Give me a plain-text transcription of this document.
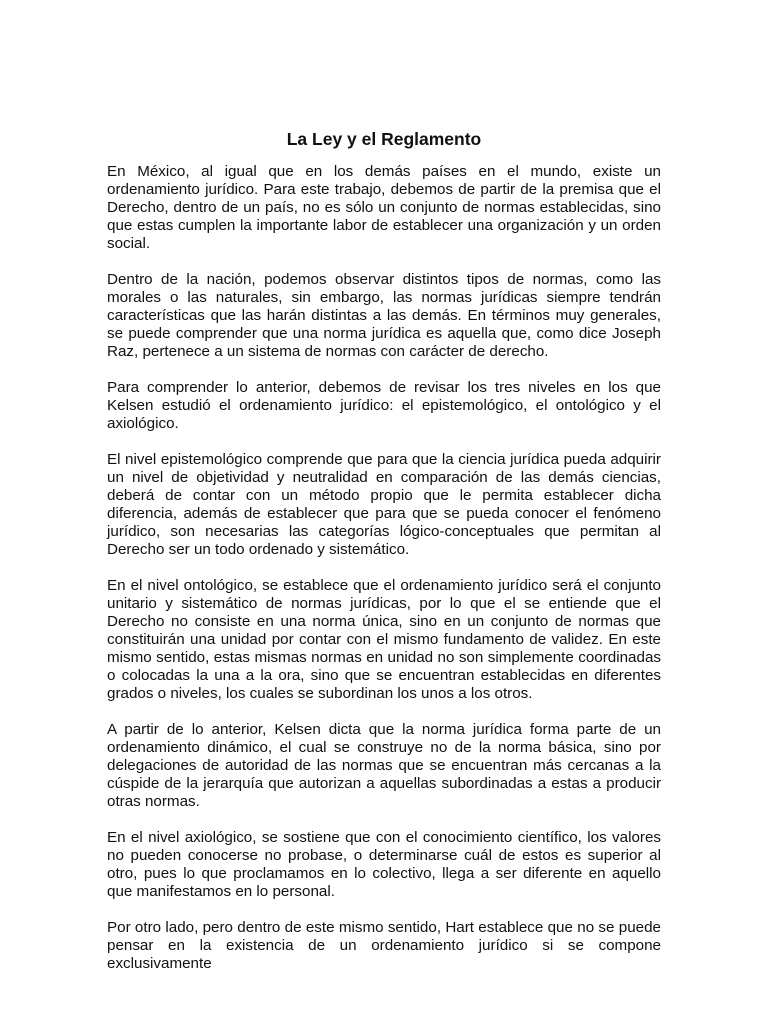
La Ley y el Reglamento

En México, al igual que en los demás países en el mundo, existe un ordenamiento jurídico. Para este trabajo, debemos de partir de la premisa que el Derecho, dentro de un país, no es sólo un conjunto de normas establecidas, sino que estas cumplen la importante labor de establecer una organización y un orden social.

Dentro de la nación, podemos observar distintos tipos de normas, como las morales o las naturales, sin embargo, las normas jurídicas siempre tendrán características que las harán distintas a las demás. En términos muy generales, se puede comprender que una norma jurídica es aquella que, como dice Joseph Raz, pertenece a un sistema de normas con carácter de derecho.

Para comprender lo anterior, debemos de revisar los tres niveles en los que Kelsen estudió el ordenamiento jurídico: el epistemológico, el ontológico y el axiológico.

El nivel epistemológico comprende que para que la ciencia jurídica pueda adquirir un nivel de objetividad y neutralidad en comparación de las demás ciencias, deberá de contar con un método propio que le permita establecer dicha diferencia, además de establecer que para que se pueda conocer el fenómeno jurídico, son necesarias las categorías lógico-conceptuales que permitan al Derecho ser un todo ordenado y sistemático.

En el nivel ontológico, se establece que el ordenamiento jurídico será el conjunto unitario y sistemático de normas jurídicas, por lo que el se entiende que el Derecho no consiste en una norma única, sino en un conjunto de normas que constituirán una unidad por contar con el mismo fundamento de validez. En este mismo sentido, estas mismas normas en unidad no son simplemente coordinadas o colocadas la una a la ora, sino que se encuentran establecidas en diferentes grados o niveles, los cuales se subordinan los unos a los otros.

A partir de lo anterior, Kelsen dicta que la norma jurídica forma parte de un ordenamiento dinámico, el cual se construye no de la norma básica, sino por delegaciones de autoridad de las normas que se encuentran más cercanas a la cúspide de la jerarquía que autorizan a aquellas subordinadas a estas a producir otras normas.

En el nivel axiológico, se sostiene que con el conocimiento científico, los valores no pueden conocerse no probase, o determinarse cuál de estos es superior al otro, pues lo que proclamamos en lo colectivo, llega a ser diferente en aquello que manifestamos en lo personal.

Por otro lado, pero dentro de este mismo sentido, Hart establece que no se puede pensar en la existencia de un ordenamiento jurídico si se compone exclusivamente
